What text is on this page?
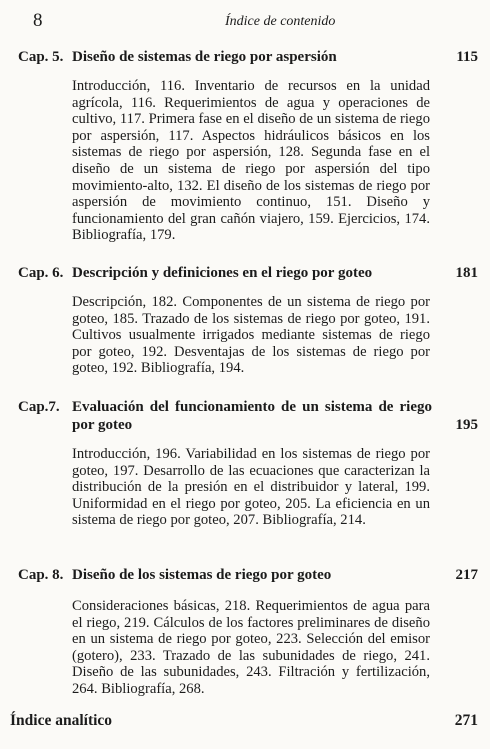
8	Índice de contenido
Cap. 5. Diseño de sistemas de riego por aspersión	115
Introducción, 116. Inventario de recursos en la unidad agrícola, 116. Requerimientos de agua y operaciones de cultivo, 117. Primera fase en el diseño de un sistema de riego por aspersión, 117. Aspectos hidráulicos básicos en los sistemas de riego por aspersión, 128. Segunda fase en el diseño de un sistema de riego por aspersión del tipo movimiento-alto, 132. El diseño de los sistemas de riego por aspersión de movimiento continuo, 151. Diseño y funcionamiento del gran cañón viajero, 159. Ejercicios, 174. Bibliografía, 179.
Cap. 6. Descripción y definiciones en el riego por goteo	181
Descripción, 182. Componentes de un sistema de riego por goteo, 185. Trazado de los sistemas de riego por goteo, 191. Cultivos usualmente irrigados mediante sistemas de riego por goteo, 192. Desventajas de los sistemas de riego por goteo, 192. Bibliografía, 194.
Cap.7. Evaluación del funcionamiento de un sistema de riego por goteo	195
Introducción, 196. Variabilidad en los sistemas de riego por goteo, 197. Desarrollo de las ecuaciones que caracterizan la distribución de la presión en el distribuidor y lateral, 199. Uniformidad en el riego por goteo, 205. La eficiencia en un sistema de riego por goteo, 207. Bibliografía, 214.
Cap. 8. Diseño de los sistemas de riego por goteo	217
Consideraciones básicas, 218. Requerimientos de agua para el riego, 219. Cálculos de los factores preliminares de diseño en un sistema de riego por goteo, 223. Selección del emisor (gotero), 233. Trazado de las subunidades de riego, 241. Diseño de las subunidades, 243. Filtración y fertilización, 264. Bibliografía, 268.
Índice analítico	271
